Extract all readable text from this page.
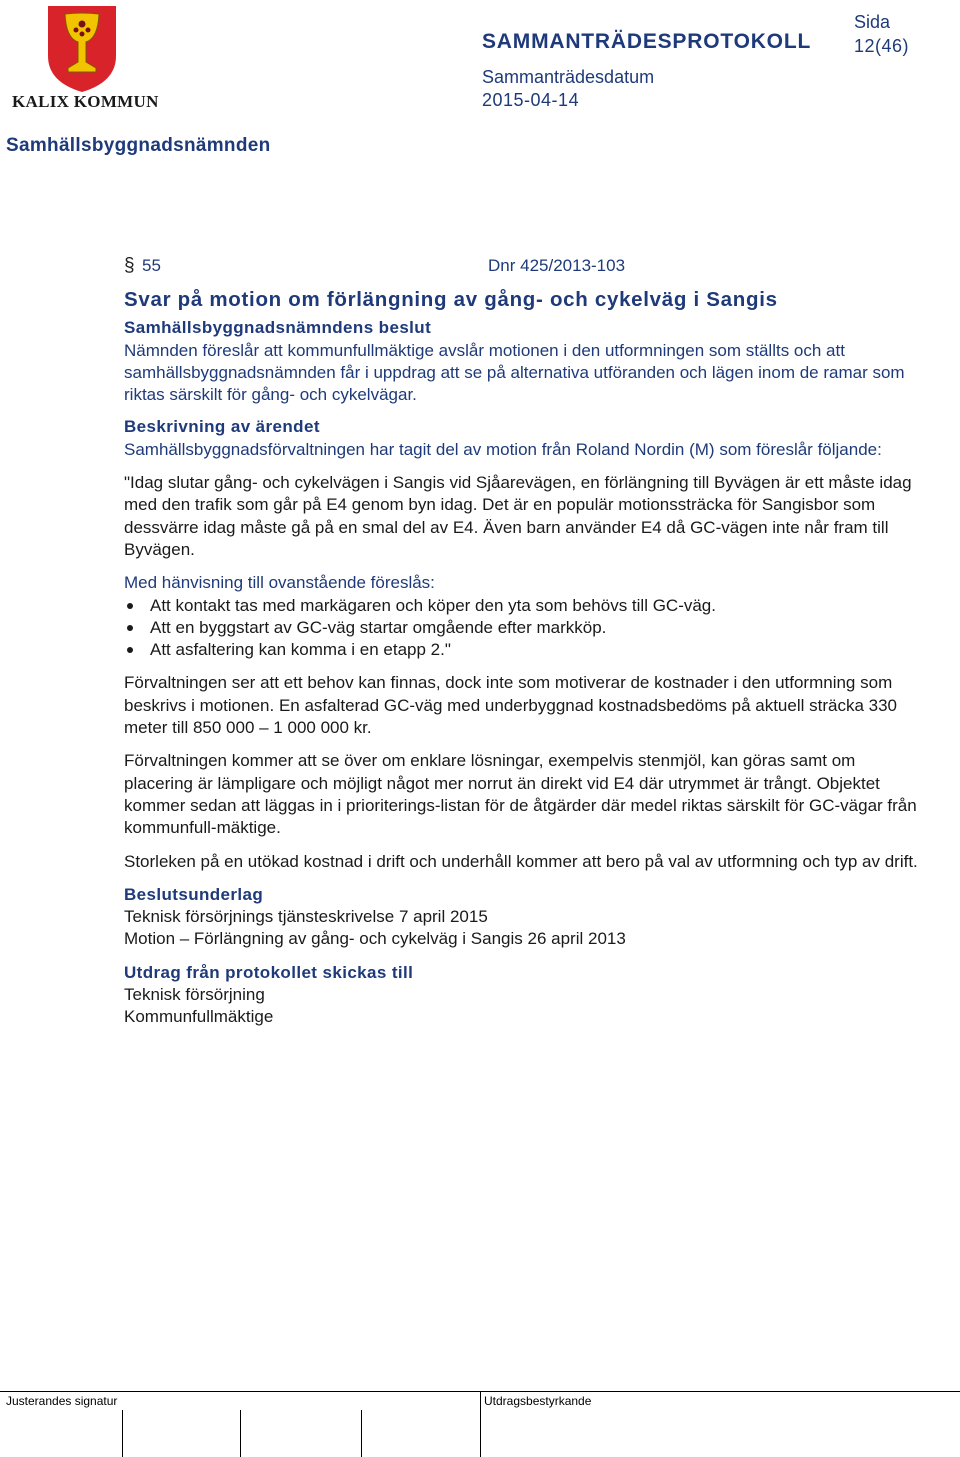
KALIX KOMMUN
SAMMANTRÄDESPROTOKOLL
Sida
12(46)
Sammanträdesdatum
2015-04-14
Samhällsbyggnadsnämnden
§ 55	Dnr 425/2013-103
Svar på motion om förlängning av gång- och cykelväg i Sangis

Samhällsbyggnadsnämndens beslut

Nämnden föreslår att kommunfullmäktige avslår motionen i den utformningen som ställts och att samhällsbyggnadsnämnden får i uppdrag att se på alternativa utföranden och lägen inom de ramar som riktas särskilt för gång- och cykelvägar.

Beskrivning av ärendet

Samhällsbyggnadsförvaltningen har tagit del av motion från Roland Nordin (M) som föreslår följande:

"Idag slutar gång- och cykelvägen i Sangis vid Sjåarevägen, en förlängning till Byvägen är ett måste idag med den trafik som går på E4 genom byn idag. Det är en populär motionssträcka för Sangisbor som dessvärre idag måste gå på en smal del av E4. Även barn använder E4 då GC-vägen inte når fram till Byvägen.

Med hänvisning till ovanstående föreslås:

Att kontakt tas med markägaren och köper den yta som behövs till GC-väg.
Att en byggstart av GC-väg startar omgående efter markköp.
Att asfaltering kan komma i en etapp 2."

Förvaltningen ser att ett behov kan finnas, dock inte som motiverar de kostnader i den utformning som beskrivs i motionen. En asfalterad GC-väg med underbyggnad kostnadsbedöms på aktuell sträcka 330 meter till 850 000 – 1 000 000 kr.

Förvaltningen kommer att se över om enklare lösningar, exempelvis stenmjöl, kan göras samt om placering är lämpligare och möjligt något mer norrut än direkt vid E4 där utrymmet är trångt. Objektet kommer sedan att läggas in i prioriterings-listan för de åtgärder där medel riktas särskilt för GC-vägar från kommunfull-mäktige.

Storleken på en utökad kostnad i drift och underhåll kommer att bero på val av utformning och typ av drift.

Beslutsunderlag

Teknisk försörjnings tjänsteskrivelse 7 april 2015

Motion – Förlängning av gång- och cykelväg i Sangis 26 april 2013

Utdrag från protokollet skickas till

Teknisk försörjning

Kommunfullmäktige

Justerandes signatur	Utdragsbestyrkande
